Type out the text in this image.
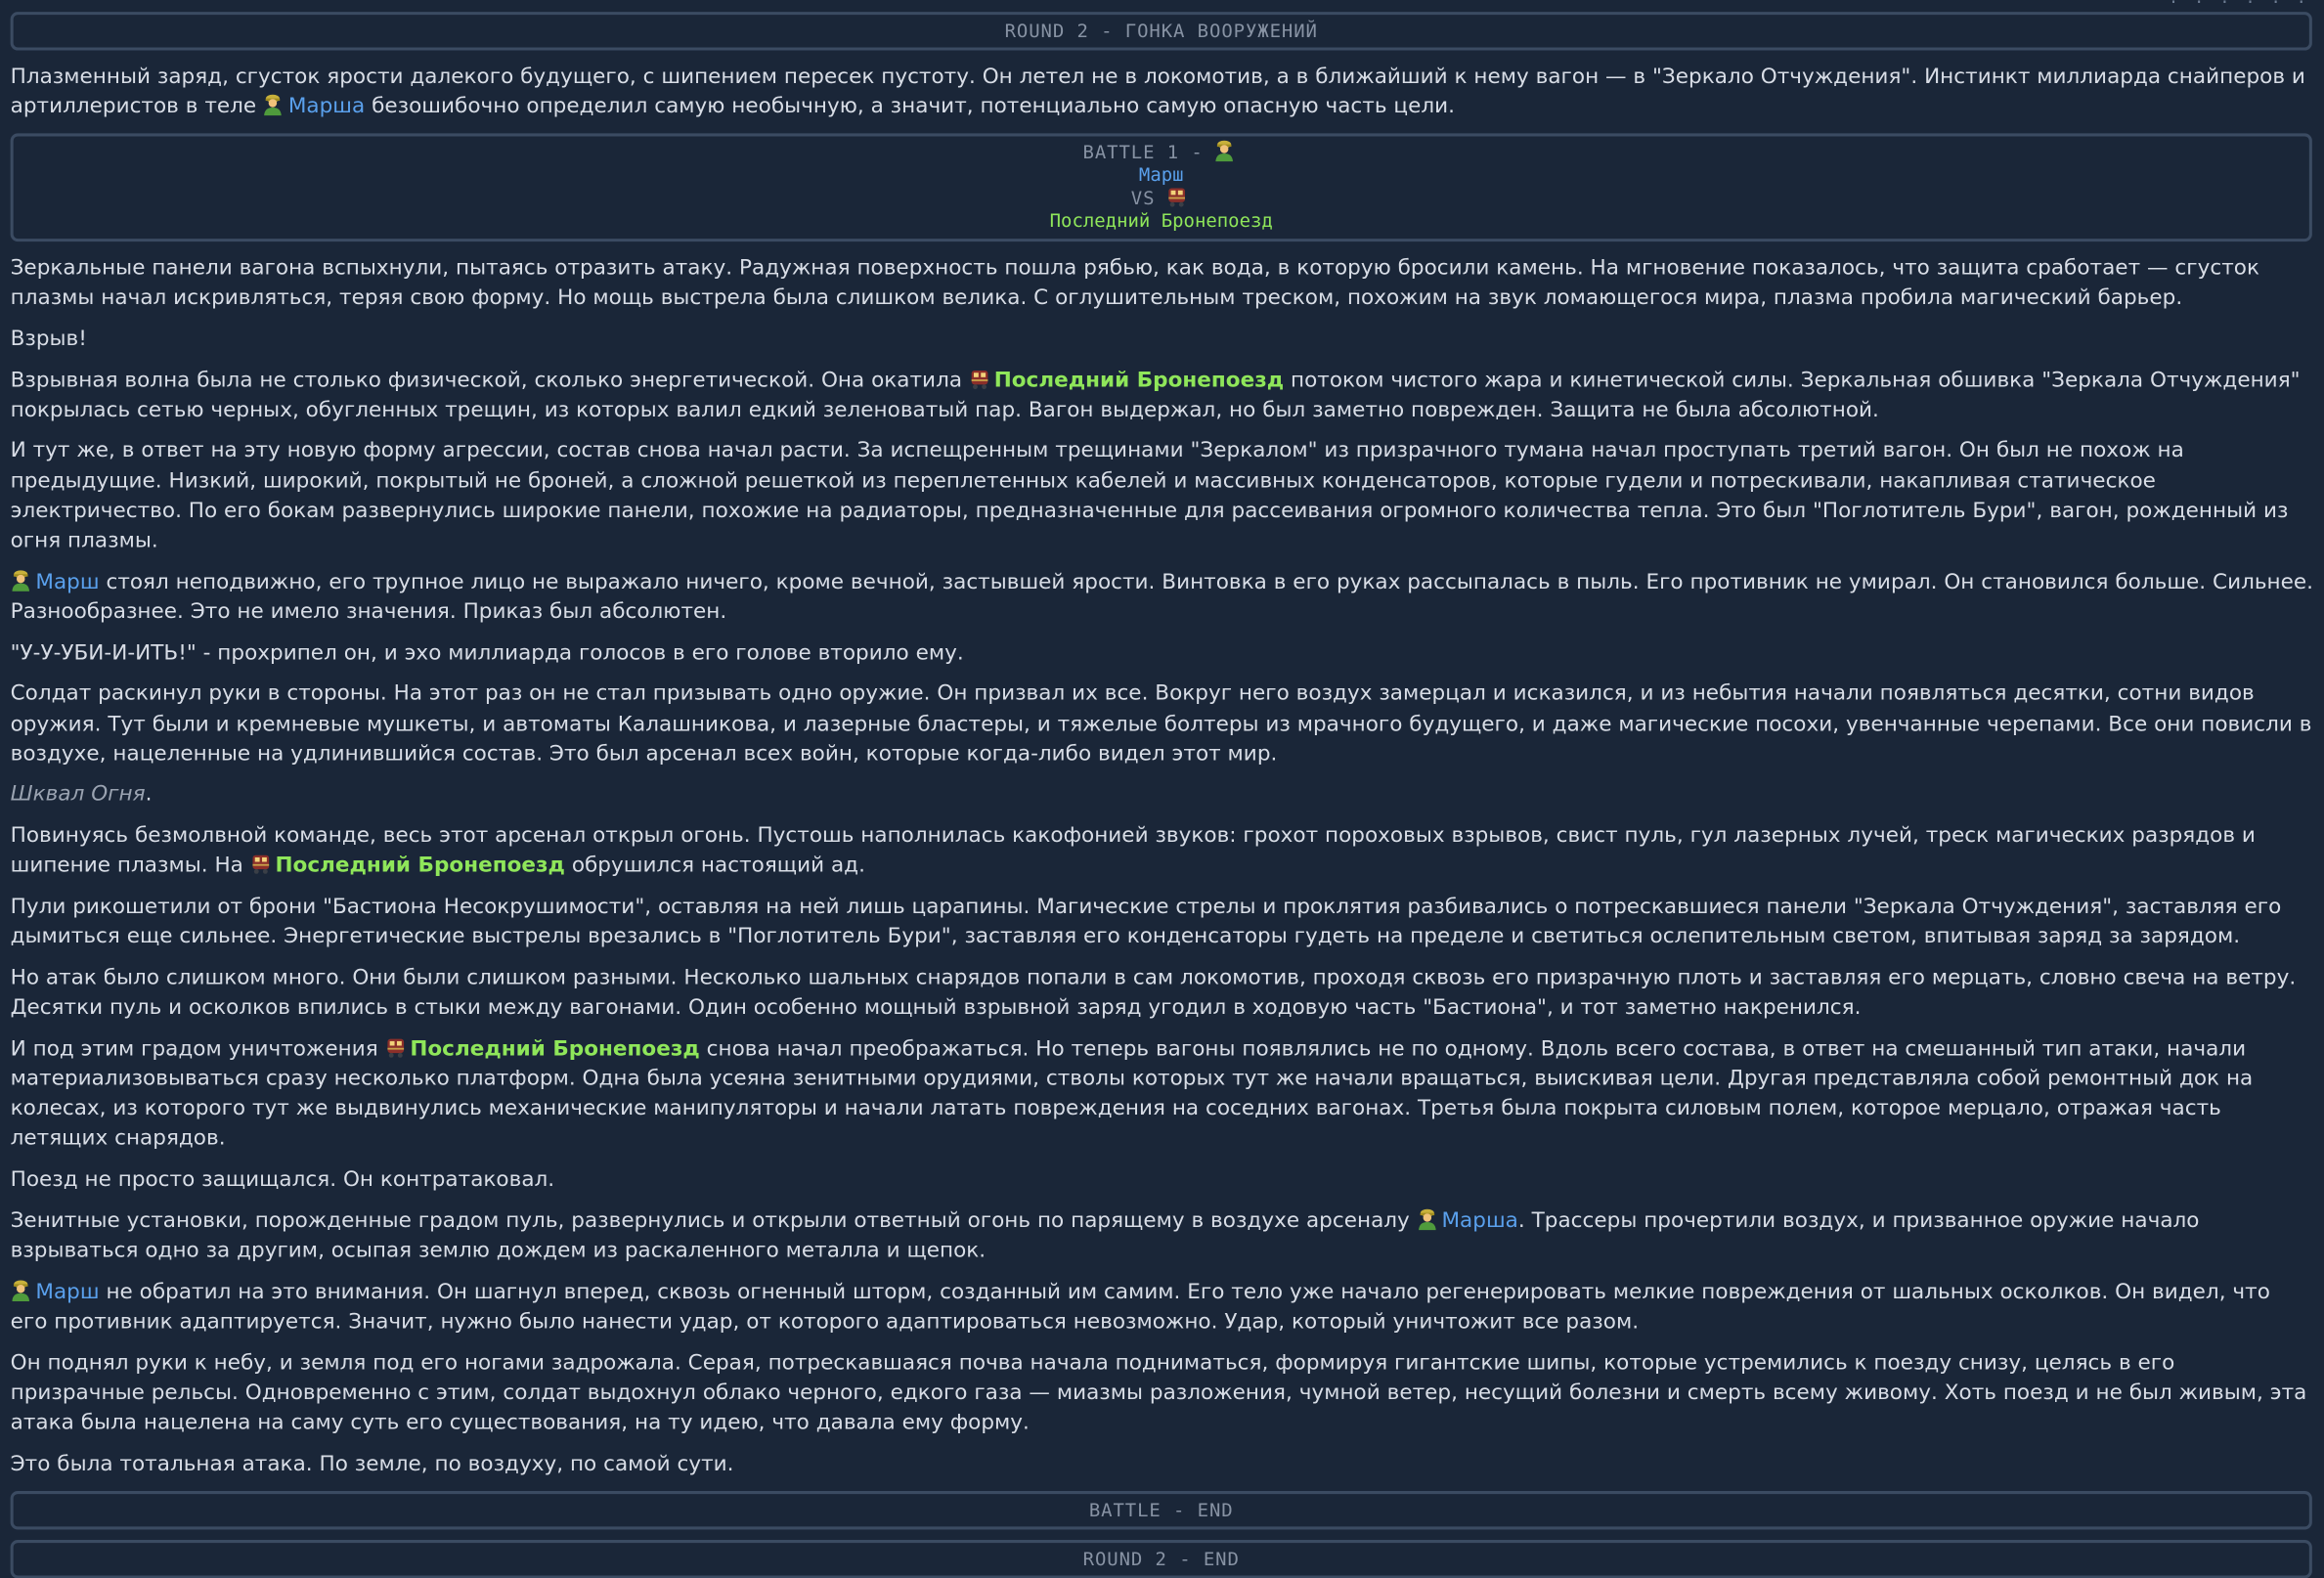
· · · · · ·
ROUND 2 - ГОНКА ВООРУЖЕНИЙ

Плазменный заряд, сгусток ярости далекого будущего, с шипением пересек пустоту. Он летел не в локомотив, а в ближайший к нему вагон — в "Зеркало Отчуждения". Инстинкт миллиарда снайперов и артиллеристов в теле
Марша безошибочно определил самую необычную, а значит, потенциально самую опасную часть цели.

BATTLE 1 -
Марш
VS
Последний Бронепоезд

Зеркальные панели вагона вспыхнули, пытаясь отразить атаку. Радужная поверхность пошла рябью, как вода, в которую бросили камень. На мгновение показалось, что защита сработает — сгусток плазмы начал искривляться, теряя свою форму. Но мощь выстрела была слишком велика. С оглушительным треском, похожим на звук ломающегося мира, плазма пробила магический барьер.

Взрыв!

Взрывная волна была не столько физической, сколько энергетической. Она окатила
Последний Бронепоезд потоком чистого жара и кинетической силы. Зеркальная обшивка "Зеркала Отчуждения" покрылась сетью черных, обугленных трещин, из которых валил едкий зеленоватый пар. Вагон выдержал, но был заметно поврежден. Защита не была абсолютной.

И тут же, в ответ на эту новую форму агрессии, состав снова начал расти. За испещренным трещинами "Зеркалом" из призрачного тумана начал проступать третий вагон. Он был не похож на предыдущие. Низкий, широкий, покрытый не броней, а сложной решеткой из переплетенных кабелей и массивных конденсаторов, которые гудели и потрескивали, накапливая статическое электричество. По его бокам развернулись широкие панели, похожие на радиаторы, предназначенные для рассеивания огромного количества тепла. Это был "Поглотитель Бури", вагон, рожденный из огня плазмы.

Марш стоял неподвижно, его трупное лицо не выражало ничего, кроме вечной, застывшей ярости. Винтовка в его руках рассыпалась в пыль. Его противник не умирал. Он становился больше. Сильнее. Разнообразнее. Это не имело значения. Приказ был абсолютен.

"У-У-УБИ-И-ИТЬ!" - прохрипел он, и эхо миллиарда голосов в его голове вторило ему.

Солдат раскинул руки в стороны. На этот раз он не стал призывать одно оружие. Он призвал их все. Вокруг него воздух замерцал и исказился, и из небытия начали появляться десятки, сотни видов оружия. Тут были и кремневые мушкеты, и автоматы Калашникова, и лазерные бластеры, и тяжелые болтеры из мрачного будущего, и даже магические посохи, увенчанные черепами. Все они повисли в воздухе, нацеленные на удлинившийся состав. Это был арсенал всех войн, которые когда-либо видел этот мир.

Шквал Огня.

Повинуясь безмолвной команде, весь этот арсенал открыл огонь. Пустошь наполнилась какофонией звуков: грохот пороховых взрывов, свист пуль, гул лазерных лучей, треск магических разрядов и шипение плазмы. На
Последний Бронепоезд обрушился настоящий ад.

Пули рикошетили от брони "Бастиона Несокрушимости", оставляя на ней лишь царапины. Магические стрелы и проклятия разбивались о потрескавшиеся панели "Зеркала Отчуждения", заставляя его дымиться еще сильнее. Энергетические выстрелы врезались в "Поглотитель Бури", заставляя его конденсаторы гудеть на пределе и светиться ослепительным светом, впитывая заряд за зарядом.

Но атак было слишком много. Они были слишком разными. Несколько шальных снарядов попали в сам локомотив, проходя сквозь его призрачную плоть и заставляя его мерцать, словно свеча на ветру. Десятки пуль и осколков впились в стыки между вагонами. Один особенно мощный взрывной заряд угодил в ходовую часть "Бастиона", и тот заметно накренился.

И под этим градом уничтожения
Последний Бронепоезд снова начал преображаться. Но теперь вагоны появлялись не по одному. Вдоль всего состава, в ответ на смешанный тип атаки, начали материализовываться сразу несколько платформ. Одна была усеяна зенитными орудиями, стволы которых тут же начали вращаться, выискивая цели. Другая представляла собой ремонтный док на колесах, из которого тут же выдвинулись механические манипуляторы и начали латать повреждения на соседних вагонах. Третья была покрыта силовым полем, которое мерцало, отражая часть летящих снарядов.

Поезд не просто защищался. Он контратаковал.

Зенитные установки, порожденные градом пуль, развернулись и открыли ответный огонь по парящему в воздухе арсеналу
Марша. Трассеры прочертили воздух, и призванное оружие начало взрываться одно за другим, осыпая землю дождем из раскаленного металла и щепок.

Марш не обратил на это внимания. Он шагнул вперед, сквозь огненный шторм, созданный им самим. Его тело уже начало регенерировать мелкие повреждения от шальных осколков. Он видел, что его противник адаптируется. Значит, нужно было нанести удар, от которого адаптироваться невозможно. Удар, который уничтожит все разом.

Он поднял руки к небу, и земля под его ногами задрожала. Серая, потрескавшаяся почва начала подниматься, формируя гигантские шипы, которые устремились к поезду снизу, целясь в его призрачные рельсы. Одновременно с этим, солдат выдохнул облако черного, едкого газа — миазмы разложения, чумной ветер, несущий болезни и смерть всему живому. Хоть поезд и не был живым, эта атака была нацелена на саму суть его существования, на ту идею, что давала ему форму.

Это была тотальная атака. По земле, по воздуху, по самой сути.

BATTLE - END
ROUND 2 - END
